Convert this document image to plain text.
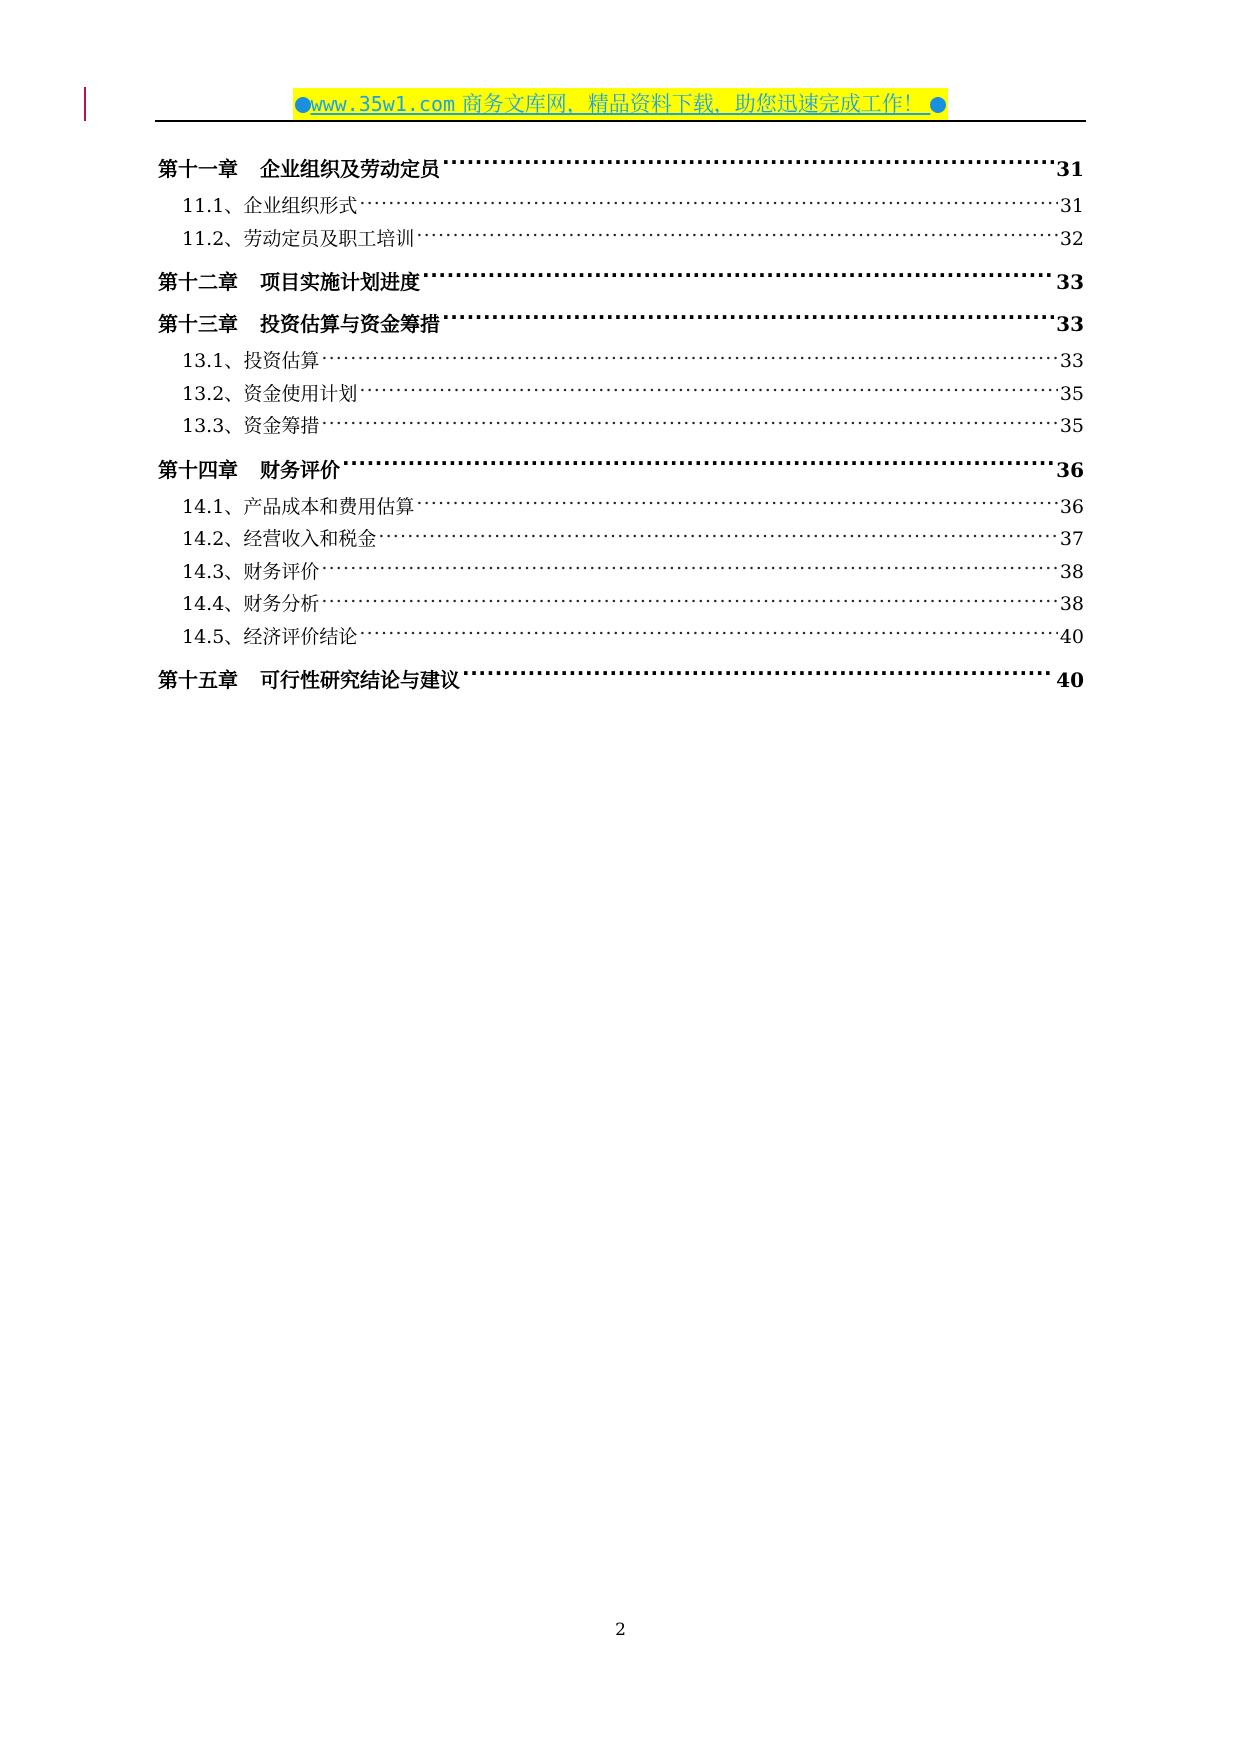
www.35w1.com 商务文库网，精品资料下载，助您迅速完成工作！
第十一章 企业组织及劳动定员 .....	31
11.1、 企业组织形式 .....	31
11.2、 劳动定员及职工培训 .....	32
第十二章 项目实施计划进度 .....	33
第十三章 投资估算与资金筹措 .....	33
13.1、 投资估算 .....	33
13.2、 资金使用计划 .....	35
13.3、 资金筹措 .....	35
第十四章 财务评价 .....	36
14.1、 产品成本和费用估算 .....	36
14.2、 经营收入和税金 .....	37
14.3、 财务评价 .....	38
14.4、 财务分析 .....	38
14.5、 经济评价结论 .....	40
第十五章 可行性研究结论与建议 .....	40
2
